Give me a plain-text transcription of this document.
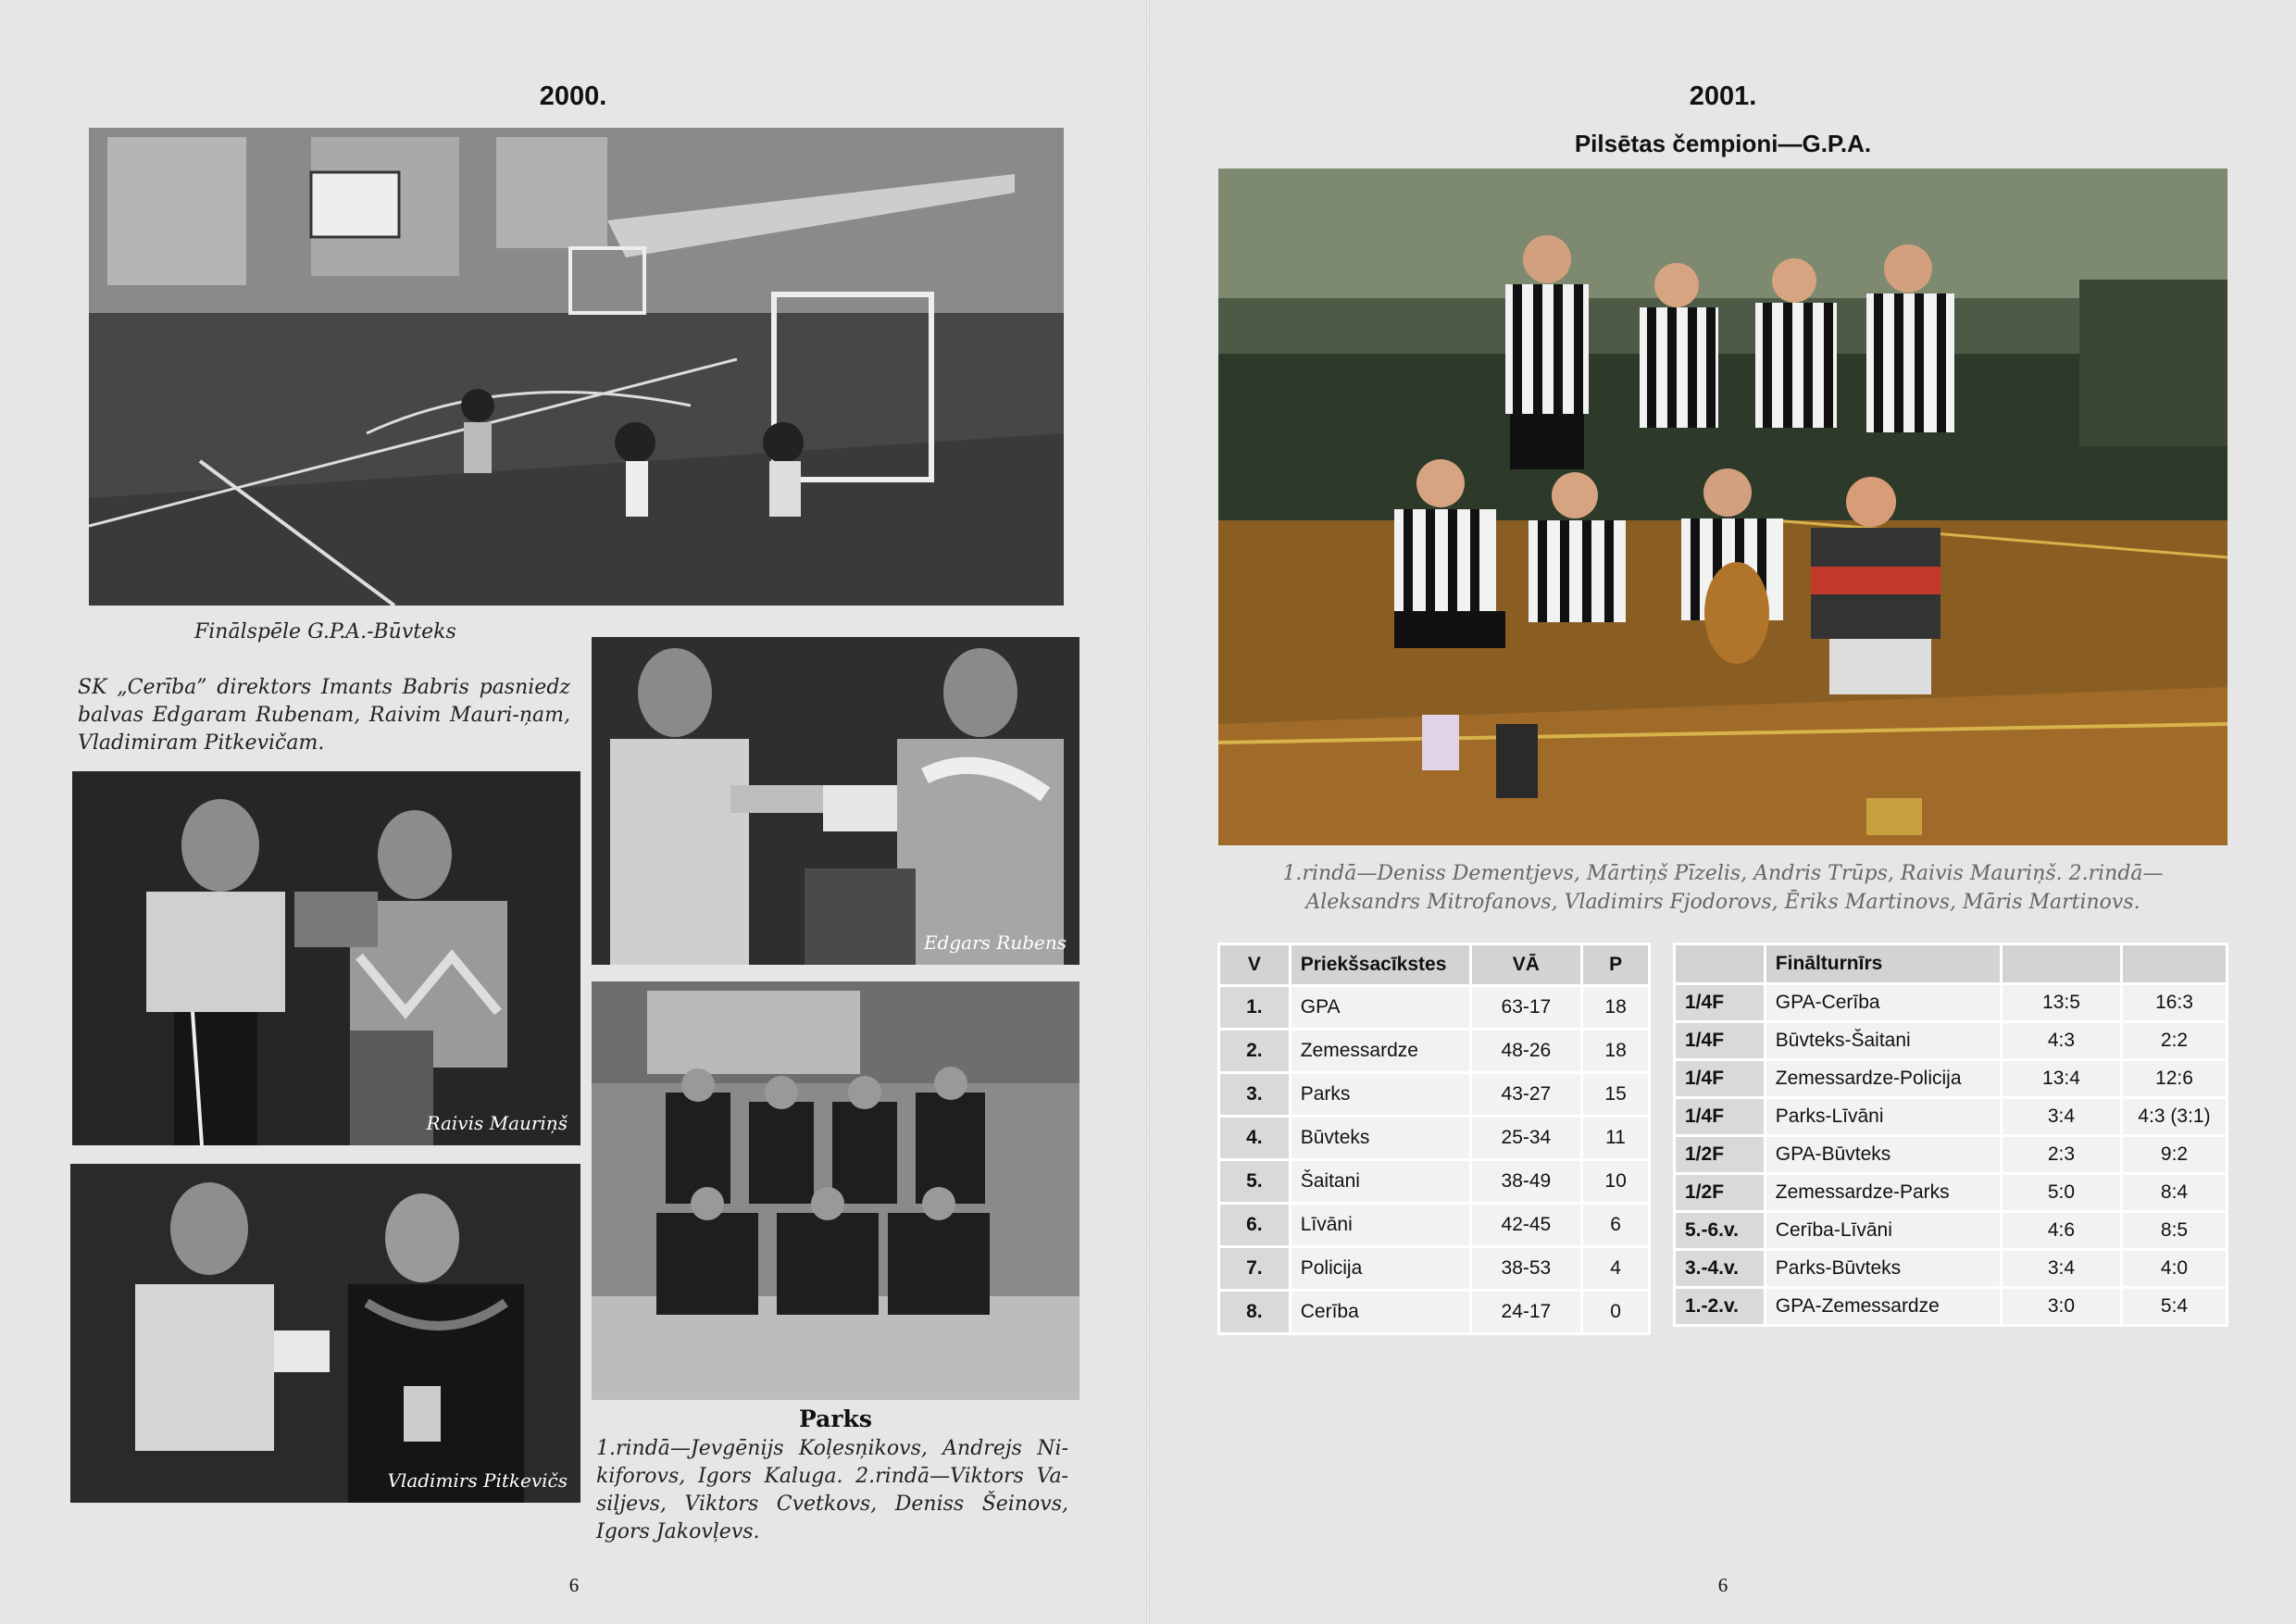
2000.
Finālspēle G.P.A.-Būvteks
SK „Cerība” direktors Imants Babris pasniedz balvas Edgaram Rubenam, Raivim Mauri-ņam, Vladimiram Pitkevičam.
Edgars Rubens
Raivis Mauriņš
Vladimirs Pitkevičs
Parks
1.rindā—Jevgēnijs Koļesņikovs, Andrejs Ni-kiforovs, Igors Kaluga. 2.rindā—Viktors Va-siļjevs, Viktors Cvetkovs, Deniss Šeinovs, Igors Jakovļevs.
6
2001.
Pilsētas čempioni—G.P.A.
1.rindā—Deniss Dementjevs, Mārtiņš Pīzelis, Andris Trūps, Raivis Mauriņš. 2.rindā—Aleksandrs Mitrofanovs, Vladimirs Fjodorovs, Ēriks Martinovs, Māris Martinovs.
V	Priekšsacīkstes	VĀ	P
1.	GPA	63-17	18
2.	Zemessardze	48-26	18
3.	Parks	43-27	15
4.	Būvteks	25-34	11
5.	Šaitani	38-49	10
6.	Līvāni	42-45	6
7.	Policija	38-53	4
8.	Cerība	24-17	0
	Finālturnīrs		
1/4F	GPA-Cerība	13:5	16:3
1/4F	Būvteks-Šaitani	4:3	2:2
1/4F	Zemessardze-Policija	13:4	12:6
1/4F	Parks-Līvāni	3:4	4:3 (3:1)
1/2F	GPA-Būvteks	2:3	9:2
1/2F	Zemessardze-Parks	5:0	8:4
5.-6.v.	Cerība-Līvāni	4:6	8:5
3.-4.v.	Parks-Būvteks	3:4	4:0
1.-2.v.	GPA-Zemessardze	3:0	5:4
6
